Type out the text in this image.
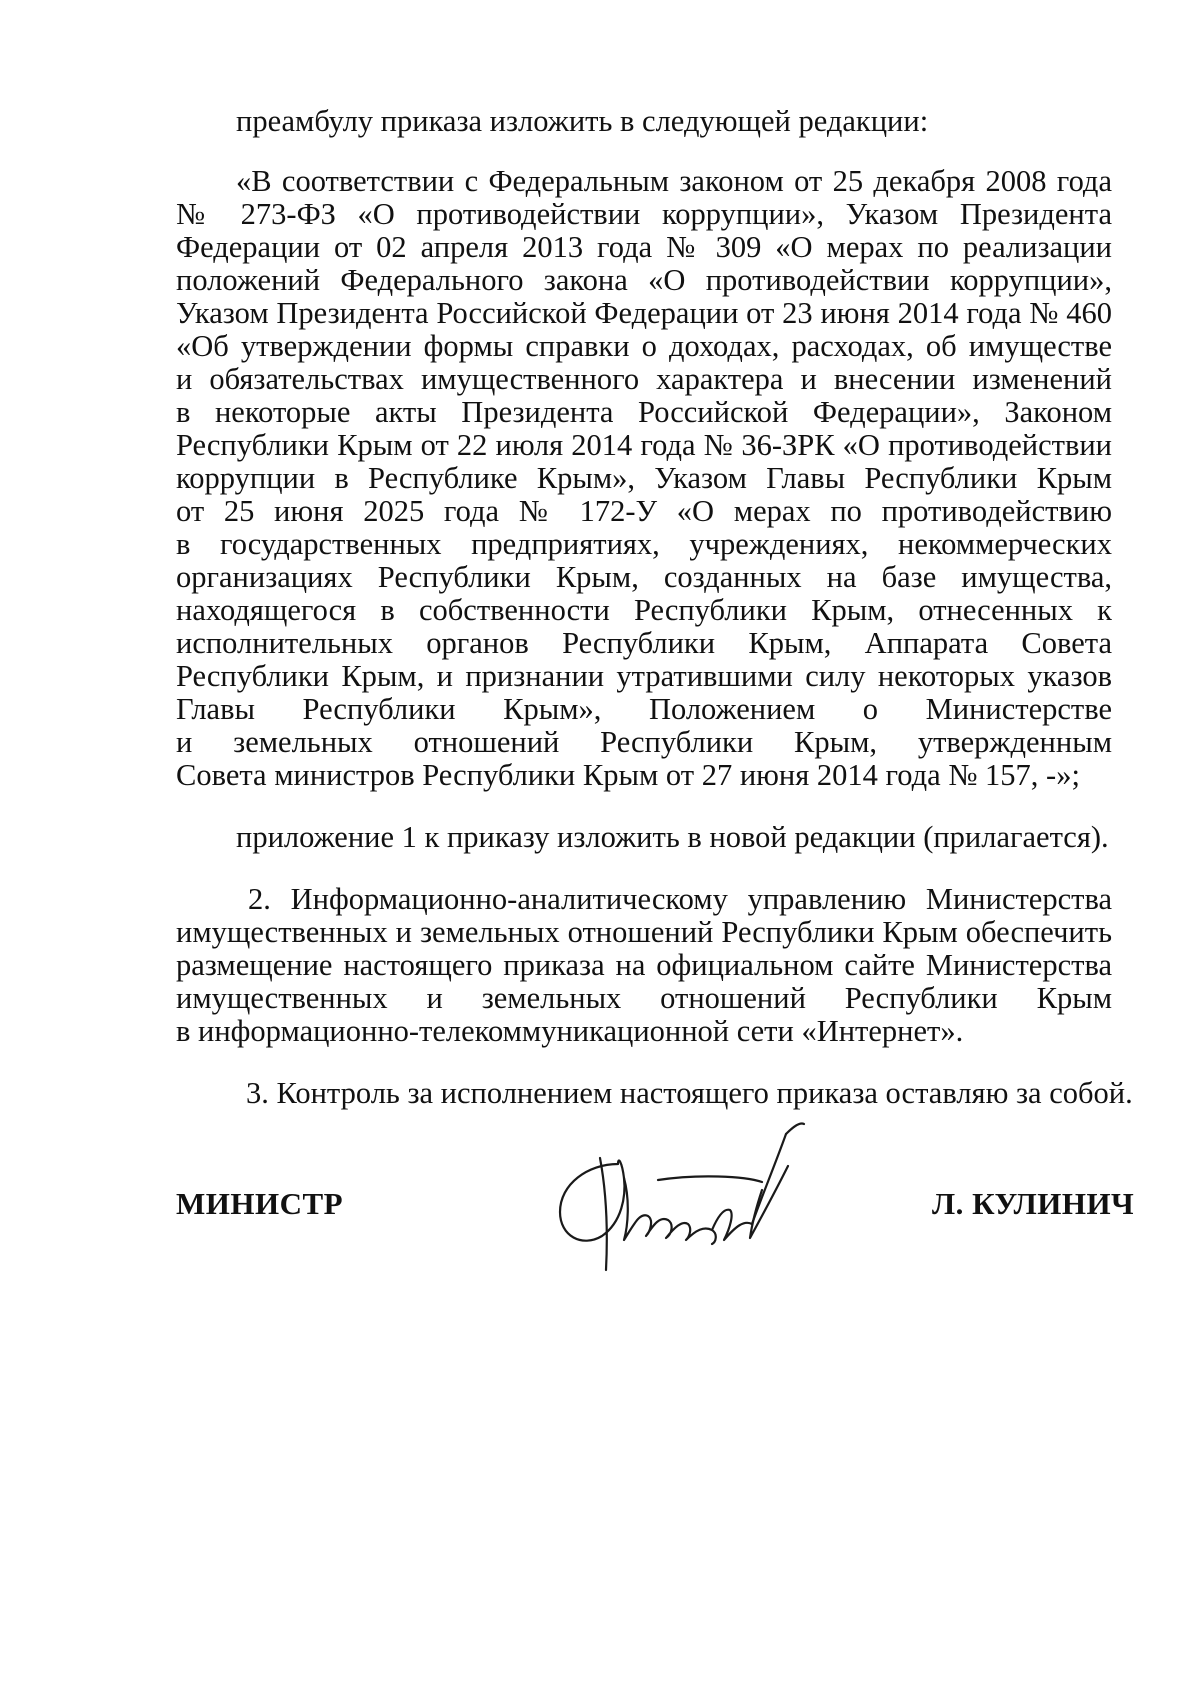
преамбулу приказа изложить в следующей редакции:

«В соответствии с Федеральным законом от 25 декабря 2008 года

№ 273-ФЗ «О противодействии коррупции», Указом Президента

Федерации от 02 апреля 2013 года № 309 «О мерах по реализации

положений Федерального закона «О противодействии коррупции»,

Указом Президента Российской Федерации от 23 июня 2014 года № 460

«Об утверждении формы справки о доходах, расходах, об имуществе

и обязательствах имущественного характера и внесении изменений

в некоторые акты Президента Российской Федерации», Законом

Республики Крым от 22 июля 2014 года № 36-ЗРК «О противодействии

коррупции в Республике Крым», Указом Главы Республики Крым

от 25 июня 2025 года № 172-У «О мерах по противодействию

в государственных предприятиях, учреждениях, некоммерческих

организациях Республики Крым, созданных на базе имущества,

находящегося в собственности Республики Крым, отнесенных к

исполнительных органов Республики Крым, Аппарата Совета

Республики Крым, и признании утратившими силу некоторых указов

Главы Республики Крым», Положением о Министерстве

и земельных отношений Республики Крым, утвержденным

Совета министров Республики Крым от 27 июня 2014 года № 157, -»;

приложение 1 к приказу изложить в новой редакции (прилагается).

2. Информационно-аналитическому управлению Министерства

имущественных и земельных отношений Республики Крым обеспечить

размещение настоящего приказа на официальном сайте Министерства

имущественных и земельных отношений Республики Крым

в информационно-телекоммуникационной сети «Интернет».

3. Контроль за исполнением настоящего приказа оставляю за собой.

МИНИСТР	Л. КУЛИНИЧ
